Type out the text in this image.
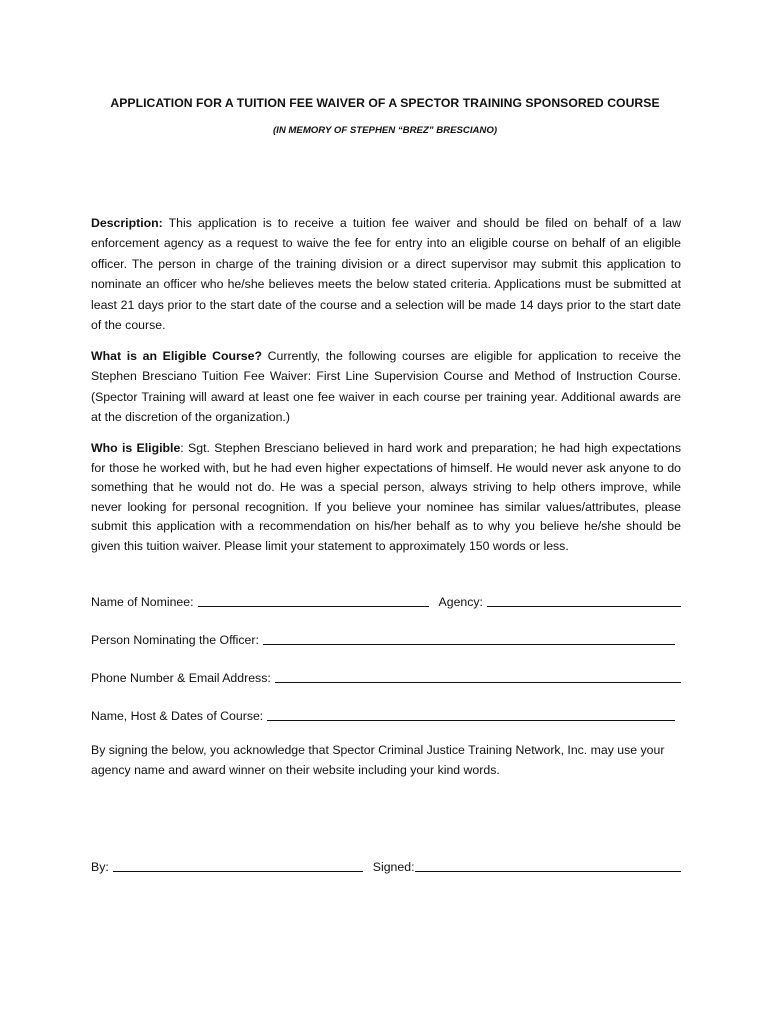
APPLICATION FOR A TUITION FEE WAIVER OF A SPECTOR TRAINING SPONSORED COURSE
(IN MEMORY OF STEPHEN “BREZ” BRESCIANO)

Description: This application is to receive a tuition fee waiver and should be filed on behalf of a law enforcement agency as a request to waive the fee for entry into an eligible course on behalf of an eligible officer. The person in charge of the training division or a direct supervisor may submit this application to nominate an officer who he/she believes meets the below stated criteria. Applications must be submitted at least 21 days prior to the start date of the course and a selection will be made 14 days prior to the start date of the course.

What is an Eligible Course? Currently, the following courses are eligible for application to receive the Stephen Bresciano Tuition Fee Waiver: First Line Supervision Course and Method of Instruction Course. (Spector Training will award at least one fee waiver in each course per training year. Additional awards are at the discretion of the organization.)

Who is Eligible: Sgt. Stephen Bresciano believed in hard work and preparation; he had high expectations for those he worked with, but he had even higher expectations of himself. He would never ask anyone to do something that he would not do. He was a special person, always striving to help others improve, while never looking for personal recognition. If you believe your nominee has similar values/attributes, please submit this application with a recommendation on his/her behalf as to why you believe he/she should be given this tuition waiver. Please limit your statement to approximately 150 words or less.

Name of Nominee:	Agency:
Person Nominating the Officer:
Phone Number & Email Address:
Name, Host & Dates of Course:

By signing the below, you acknowledge that Spector Criminal Justice Training Network, Inc. may use your agency name and award winner on their website including your kind words.

By:	Signed:
